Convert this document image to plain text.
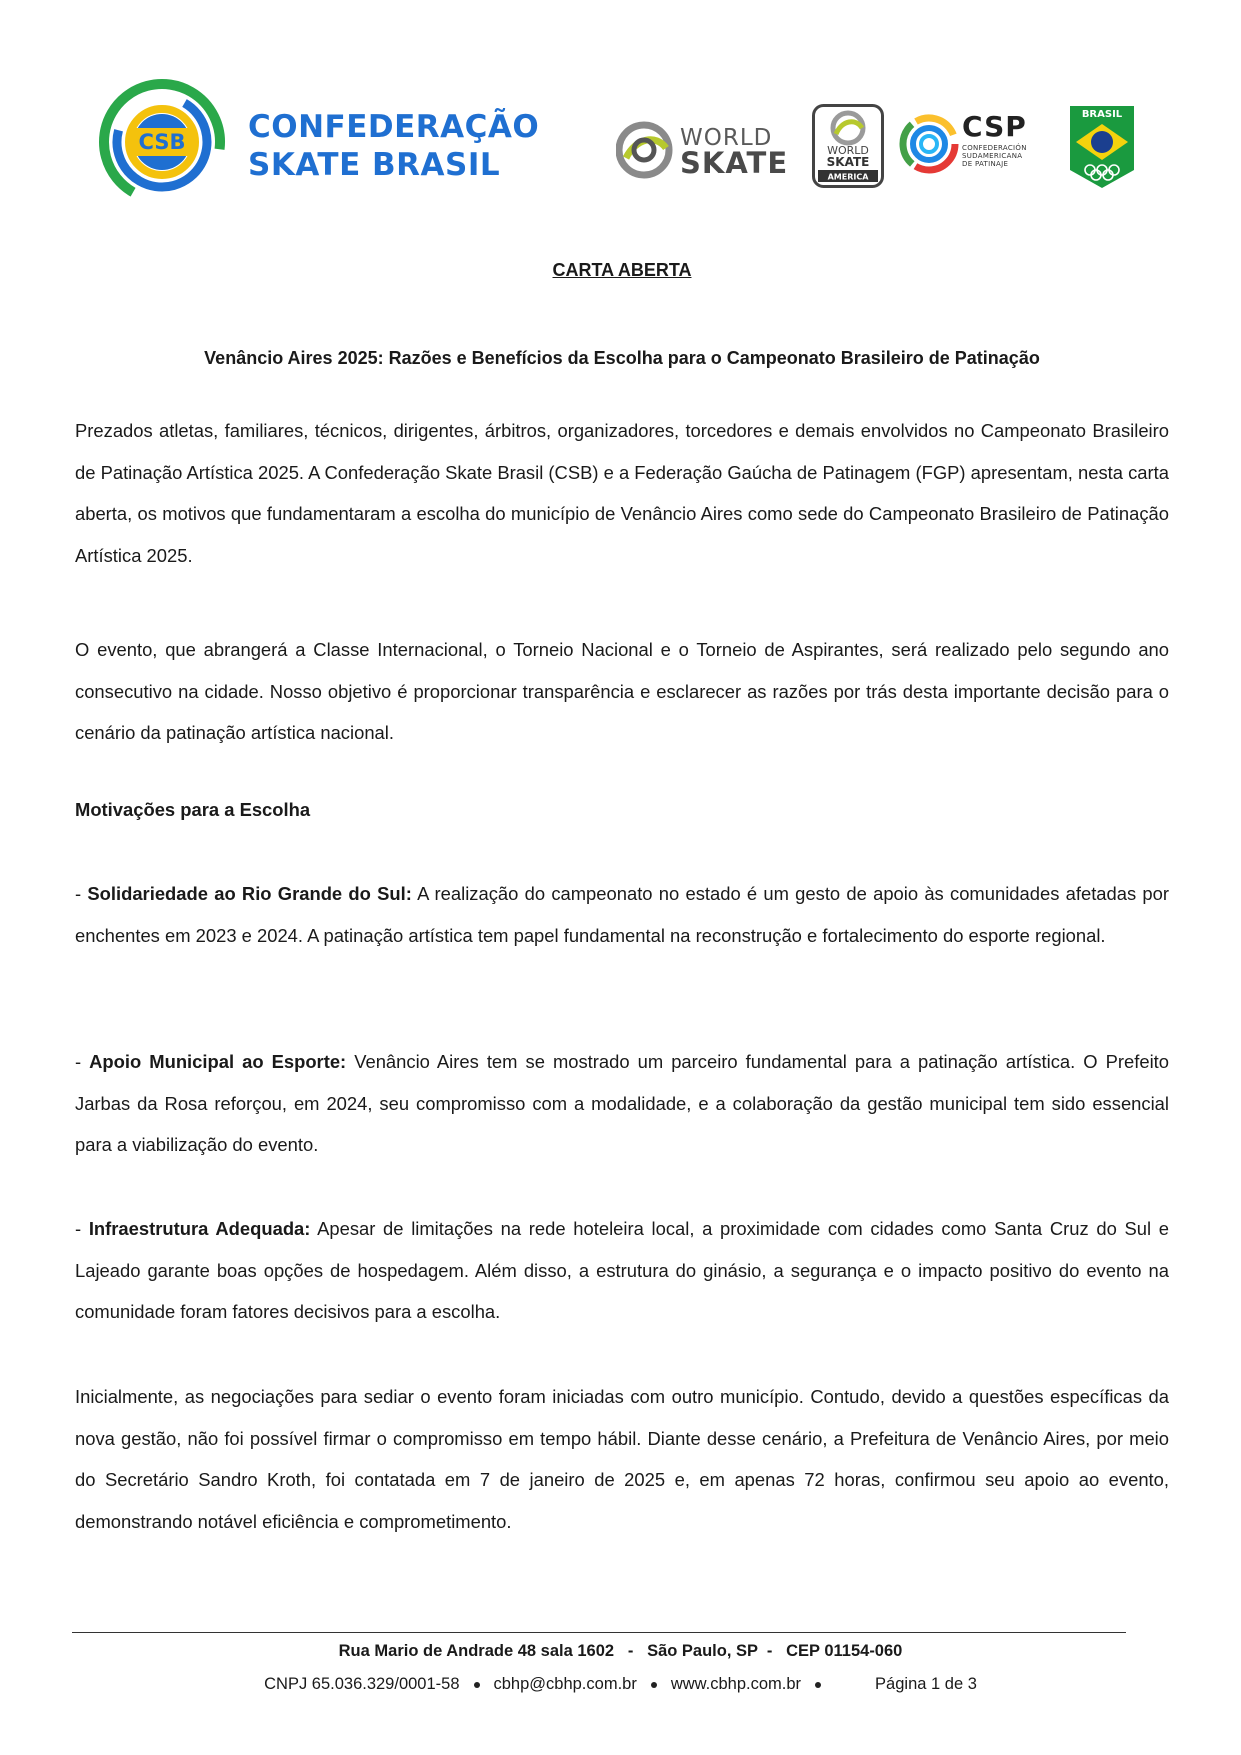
CSB CONFEDERAÇÃO
SKATE BRASIL
WORLD
SKATE	WORLD
SKATE
AMERICA
CSP
CONFEDERACIÓN
SUDAMERICANA
DE PATINAJE
BRASIL
CARTA ABERTA
Venâncio Aires 2025: Razões e Benefícios da Escolha para o Campeonato Brasileiro de Patinação

Prezados atletas, familiares, técnicos, dirigentes, árbitros, organizadores, torcedores e demais envolvidos no Campeonato Brasileiro de Patinação Artística 2025. A Confederação Skate Brasil (CSB) e a Federação Gaúcha de Patinagem (FGP) apresentam, nesta carta aberta, os motivos que fundamentaram a escolha do município de Venâncio Aires como sede do Campeonato Brasileiro de Patinação Artística 2025.

O evento, que abrangerá a Classe Internacional, o Torneio Nacional e o Torneio de Aspirantes, será realizado pelo segundo ano consecutivo na cidade. Nosso objetivo é proporcionar transparência e esclarecer as razões por trás desta importante decisão para o cenário da patinação artística nacional.

Motivações para a Escolha

- Solidariedade ao Rio Grande do Sul: A realização do campeonato no estado é um gesto de apoio às comunidades afetadas por enchentes em 2023 e 2024. A patinação artística tem papel fundamental na reconstrução e fortalecimento do esporte regional.

- Apoio Municipal ao Esporte: Venâncio Aires tem se mostrado um parceiro fundamental para a patinação artística. O Prefeito Jarbas da Rosa reforçou, em 2024, seu compromisso com a modalidade, e a colaboração da gestão municipal tem sido essencial para a viabilização do evento.

- Infraestrutura Adequada: Apesar de limitações na rede hoteleira local, a proximidade com cidades como Santa Cruz do Sul e Lajeado garante boas opções de hospedagem. Além disso, a estrutura do ginásio, a segurança e o impacto positivo do evento na comunidade foram fatores decisivos para a escolha.

Inicialmente, as negociações para sediar o evento foram iniciadas com outro município. Contudo, devido a questões específicas da nova gestão, não foi possível firmar o compromisso em tempo hábil. Diante desse cenário, a Prefeitura de Venâncio Aires, por meio do Secretário Sandro Kroth, foi contatada em 7 de janeiro de 2025 e, em apenas 72 horas, confirmou seu apoio ao evento, demonstrando notável eficiência e comprometimento.

Rua Mario de Andrade 48 sala 1602   -   São Paulo, SP  -   CEP 01154-060
CNPJ 65.036.329/0001-58 cbhp@cbhp.com.br www.cbhp.com.br	Página 1 de 3
